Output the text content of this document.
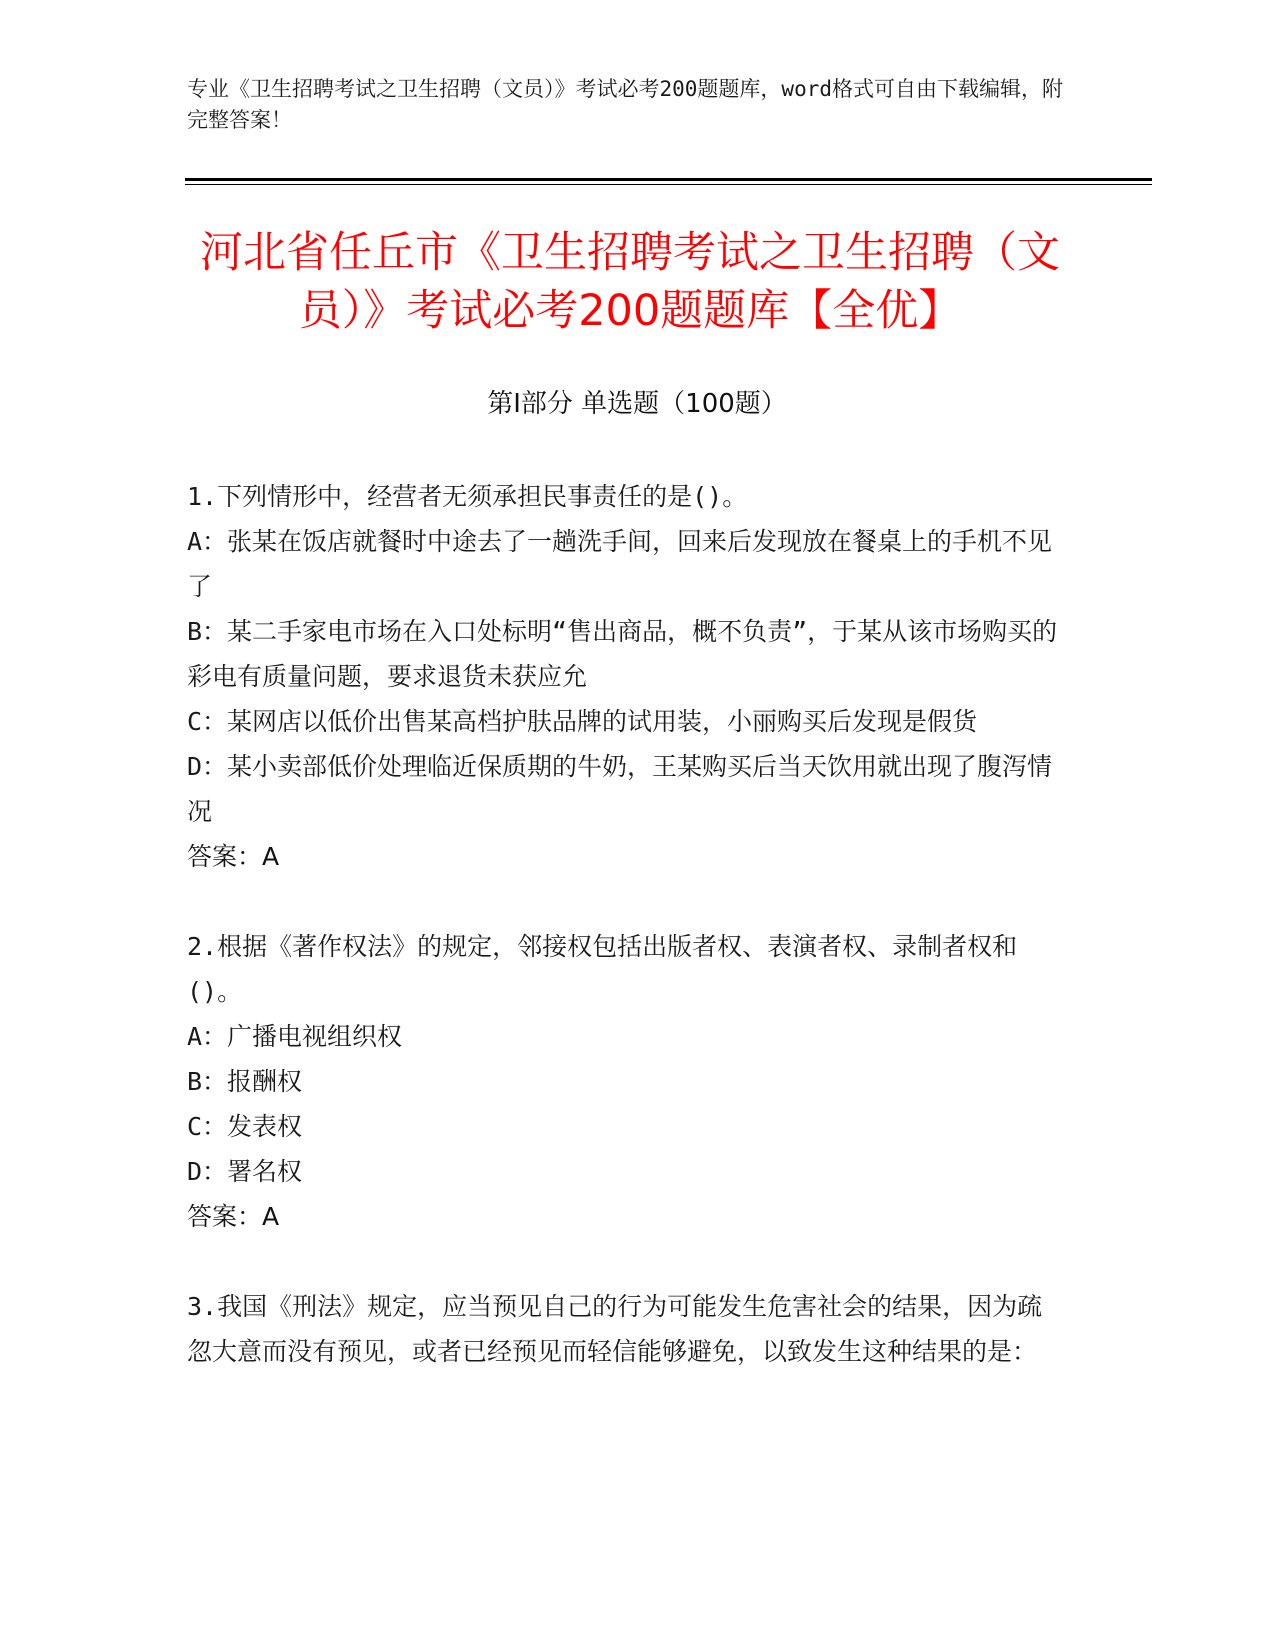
专业《卫生招聘考试之卫生招聘（文员）》考试必考200题题库，word格式可自由下载编辑，附完整答案！
河北省任丘市《卫生招聘考试之卫生招聘（文员）》考试必考200题题库【全优】
第I部分 单选题（100题）
1.下列情形中，经营者无须承担民事责任的是()。
A：张某在饭店就餐时中途去了一趟洗手间，回来后发现放在餐桌上的手机不见了
B：某二手家电市场在入口处标明“售出商品，概不负责”，于某从该市场购买的彩电有质量问题，要求退货未获应允
C：某网店以低价出售某高档护肤品牌的试用装，小丽购买后发现是假货
D：某小卖部低价处理临近保质期的牛奶，王某购买后当天饮用就出现了腹泻情况
答案：A
2.根据《著作权法》的规定，邻接权包括出版者权、表演者权、录制者权和()。
A：广播电视组织权
B：报酬权
C：发表权
D：署名权
答案：A
3.我国《刑法》规定，应当预见自己的行为可能发生危害社会的结果，因为疏忽大意而没有预见，或者已经预见而轻信能够避免，以致发生这种结果的是：
